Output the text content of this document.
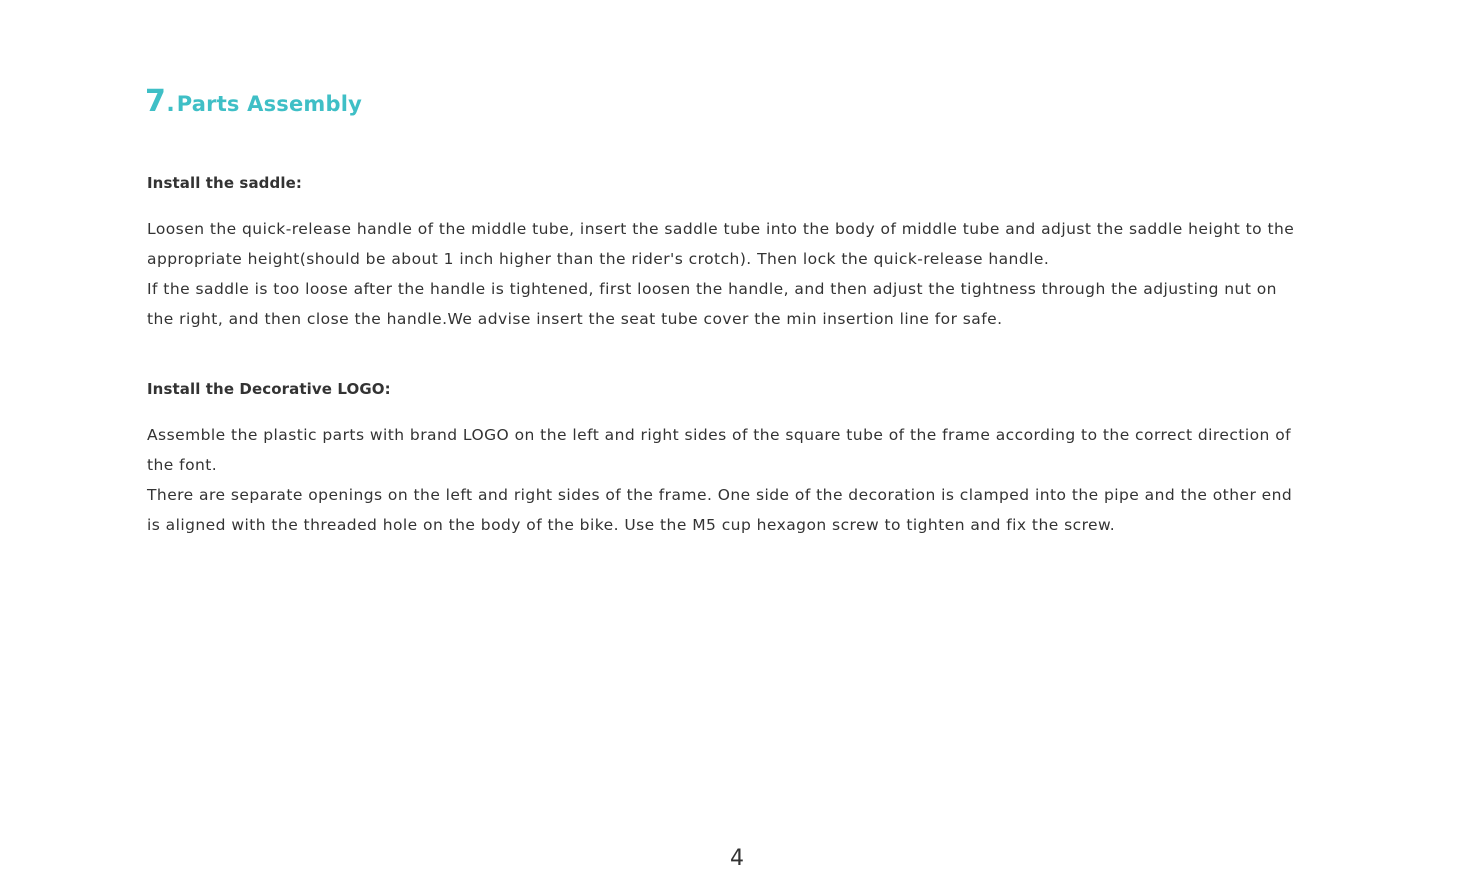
7 . Parts Assembly
Install the saddle:

Loosen the quick-release handle of the middle tube, insert the saddle tube into the body of middle tube and adjust the saddle height to the appropriate height(should be about 1 inch higher than the rider's crotch). Then lock the quick-release handle.

If the saddle is too loose after the handle is tightened, first loosen the handle, and then adjust the tightness through the adjusting nut on the right, and then close the handle.We advise insert the seat tube cover the min insertion line for safe.

Install the Decorative LOGO:

Assemble the plastic parts with brand LOGO on the left and right sides of the square tube of the frame according to the correct direction of the font.

There are separate openings on the left and right sides of the frame. One side of the decoration is clamped into the pipe and the other end is aligned with the threaded hole on the body of the bike. Use the M5 cup hexagon screw to tighten and fix the screw.

4
